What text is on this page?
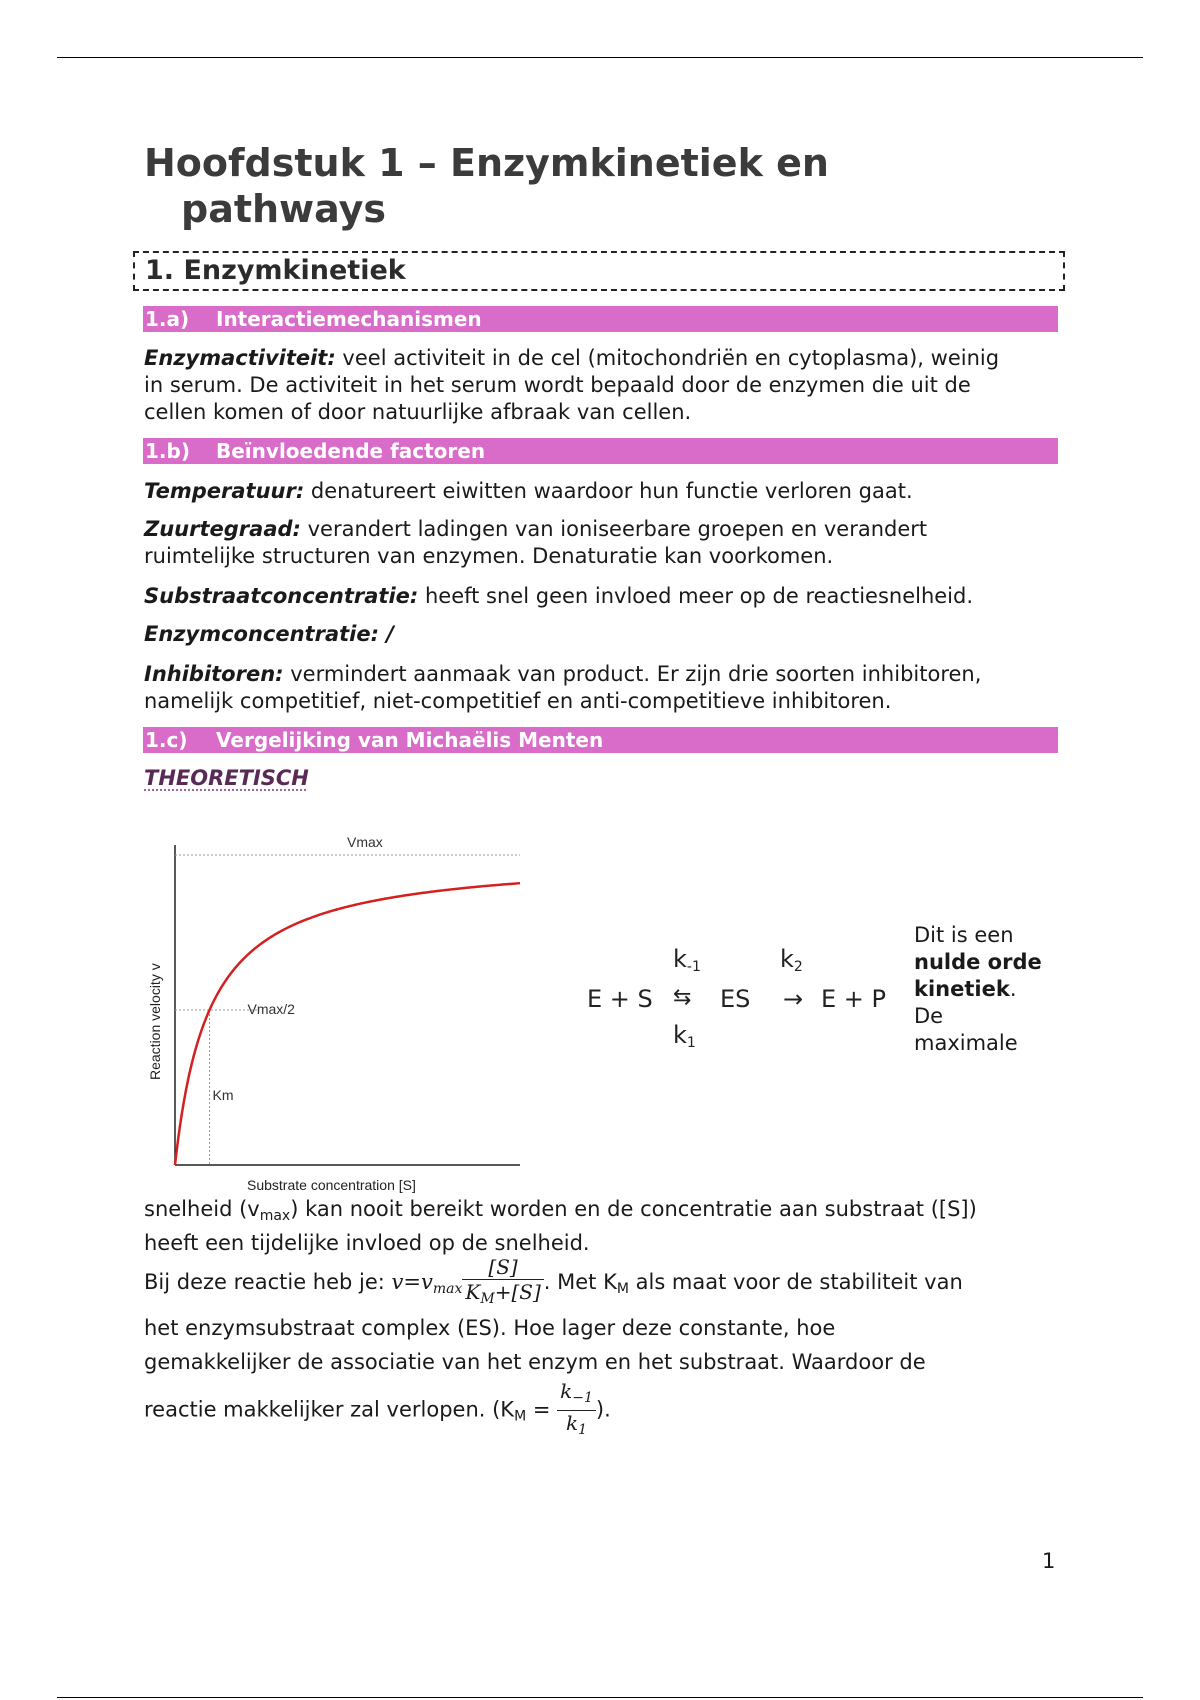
Hoofdstuk 1 – Enzymkinetiek en
pathways
1. Enzymkinetiek
1.a) Interactiemechanismen

Enzymactiviteit: veel activiteit in de cel (mitochondriën en cytoplasma), weinig
in serum. De activiteit in het serum wordt bepaald door de enzymen die uit de
cellen komen of door natuurlijke afbraak van cellen.

1.b) Beïnvloedende factoren

Temperatuur: denatureert eiwitten waardoor hun functie verloren gaat.

Zuurtegraad: verandert ladingen van ioniseerbare groepen en verandert
ruimtelijke structuren van enzymen. Denaturatie kan voorkomen.

Substraatconcentratie: heeft snel geen invloed meer op de reactiesnelheid.

Enzymconcentratie: /

Inhibitoren: vermindert aanmaak van product. Er zijn drie soorten inhibitoren,
namelijk competitief, niet-competitief en anti-competitieve inhibitoren.

1.c) Vergelijking van Michaëlis Menten

THEORETISCH

Vmax
Vmax/2
Km
Substrate concentration [S]
Reaction velocity v	E + S
$k_{-1}$
⇆
$k_1$
ES
$k_2$
→ E + P

Dit is een
nulde orde kinetiek.
De
maximale

snelheid $(v_{max})$ kan nooit bereikt worden en de concentratie aan substraat ([S])
heeft een tijdelijke invloed op de snelheid.

Bij deze reactie heb je: $v=v_{max} \frac{[S]}{K_M+[S]}$ . Met $K_M$ als maat voor de stabiliteit van
het enzymsubstraat complex (ES). Hoe lager deze constante, hoe
gemakkelijker de associatie van het enzym en het substraat. Waardoor de
reactie makkelijker zal verlopen. ($K_M = \frac{k_{-1}}{k_1}$ ).

1
